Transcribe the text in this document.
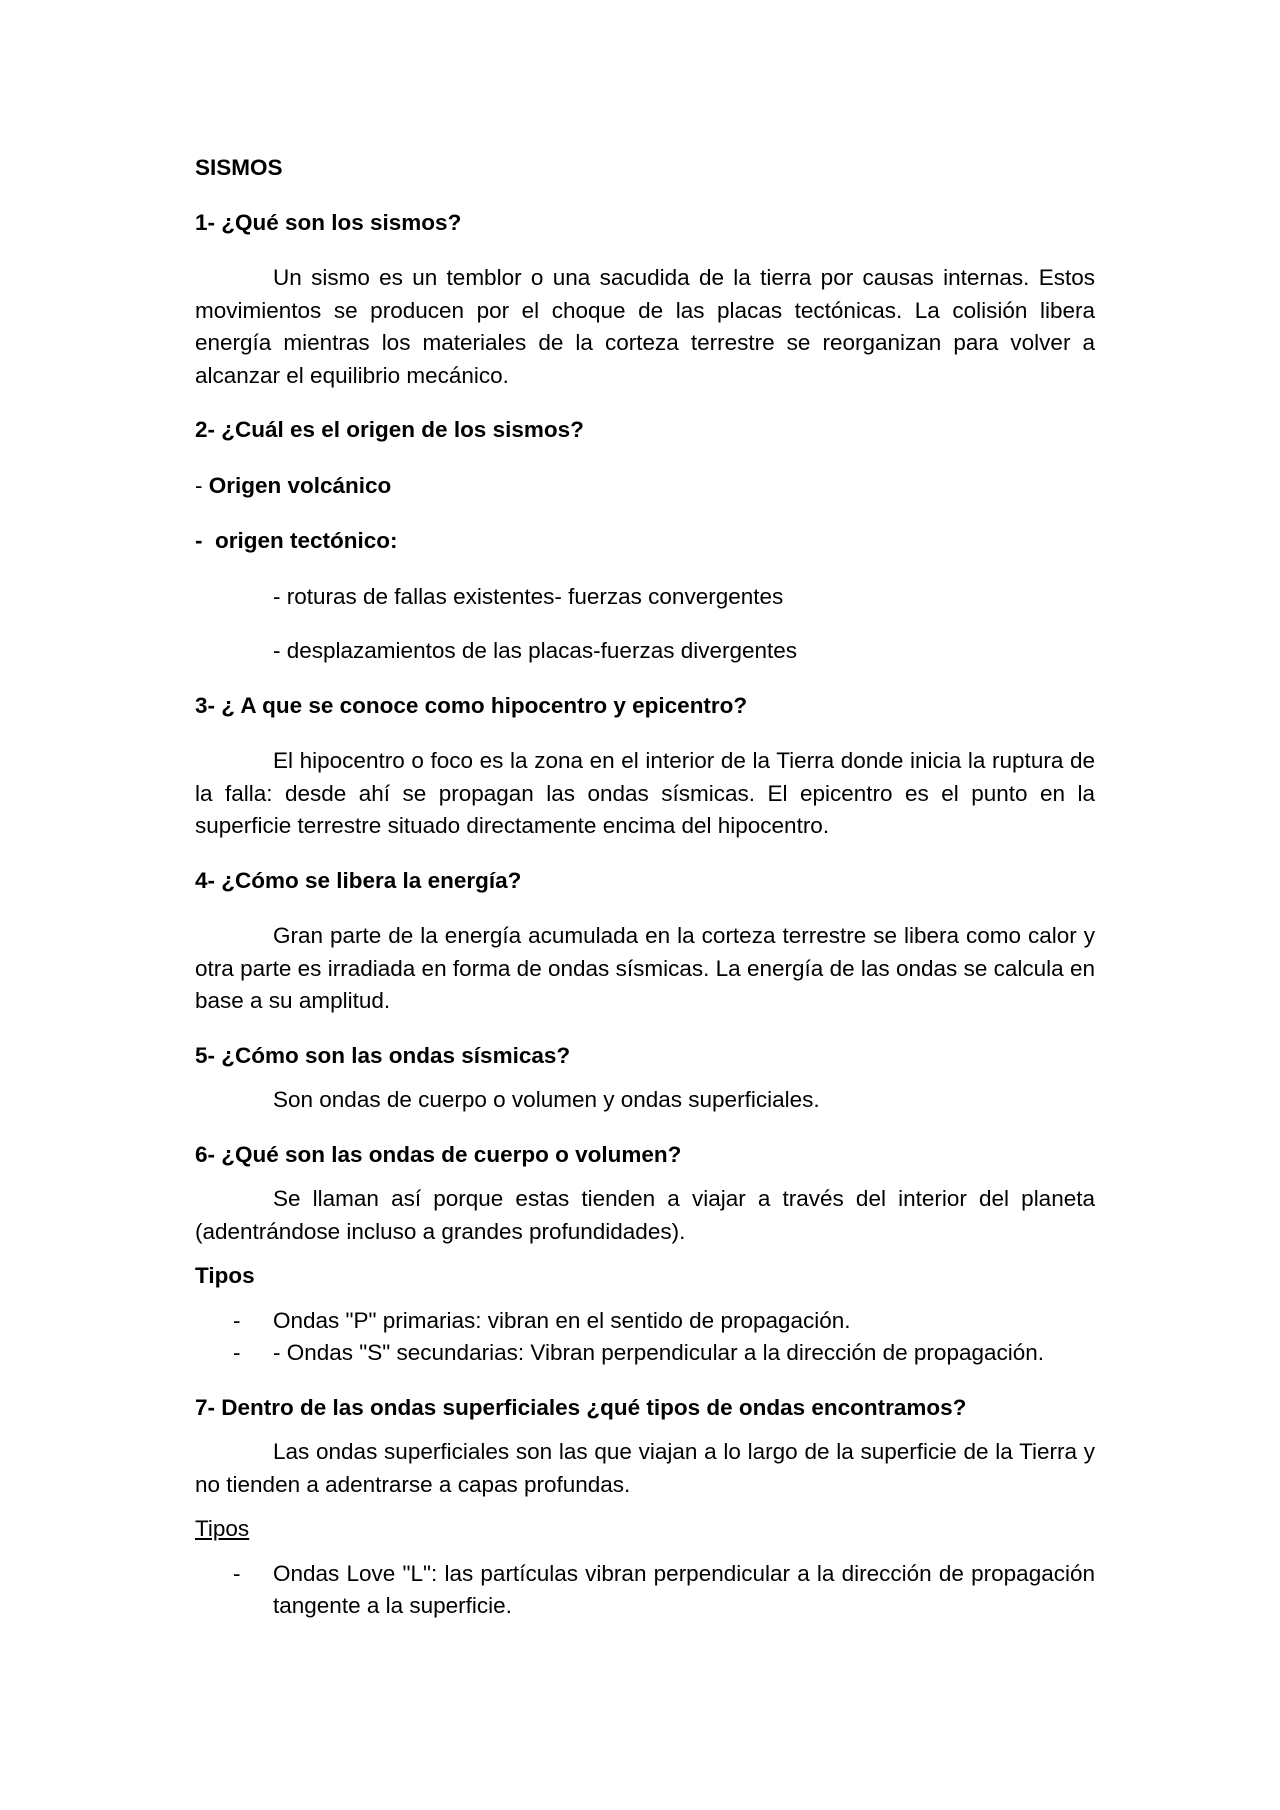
SISMOS
1- ¿Qué son los sismos?

Un sismo es un temblor o una sacudida de la tierra por causas internas. Estos movimientos se producen por el choque de las placas tectónicas. La colisión libera energía mientras los materiales de la corteza terrestre se reorganizan para volver a alcanzar el equilibrio mecánico.

2- ¿Cuál es el origen de los sismos?
- Origen volcánico
-  origen tectónico:
- roturas de fallas existentes- fuerzas convergentes
- desplazamientos de las placas-fuerzas divergentes
3- ¿ A que se conoce como hipocentro y epicentro?

El hipocentro o foco es la zona en el interior de la Tierra donde inicia la ruptura de la falla: desde ahí se propagan las ondas sísmicas. El epicentro es el punto en la superficie terrestre situado directamente encima del hipocentro.

4- ¿Cómo se libera la energía?

Gran parte de la energía acumulada en la corteza terrestre se libera como calor y otra parte es irradiada en forma de ondas sísmicas. La energía de las ondas se calcula en base a su amplitud.

5- ¿Cómo son las ondas sísmicas?

Son ondas de cuerpo o volumen y ondas superficiales.

6- ¿Qué son las ondas de cuerpo o volumen?

Se llaman así porque estas tienden a viajar a través del interior del planeta (adentrándose incluso a grandes profundidades).

Tipos
- Ondas "P" primarias: vibran en el sentido de propagación.
- - Ondas "S" secundarias: Vibran perpendicular a la dirección de propagación.
7- Dentro de las ondas superficiales ¿qué tipos de ondas encontramos?

Las ondas superficiales son las que viajan a lo largo de la superficie de la Tierra y no tienden a adentrarse a capas profundas.

Tipos
- Ondas Love "L": las partículas vibran perpendicular a la dirección de propagación tangente a la superficie.
